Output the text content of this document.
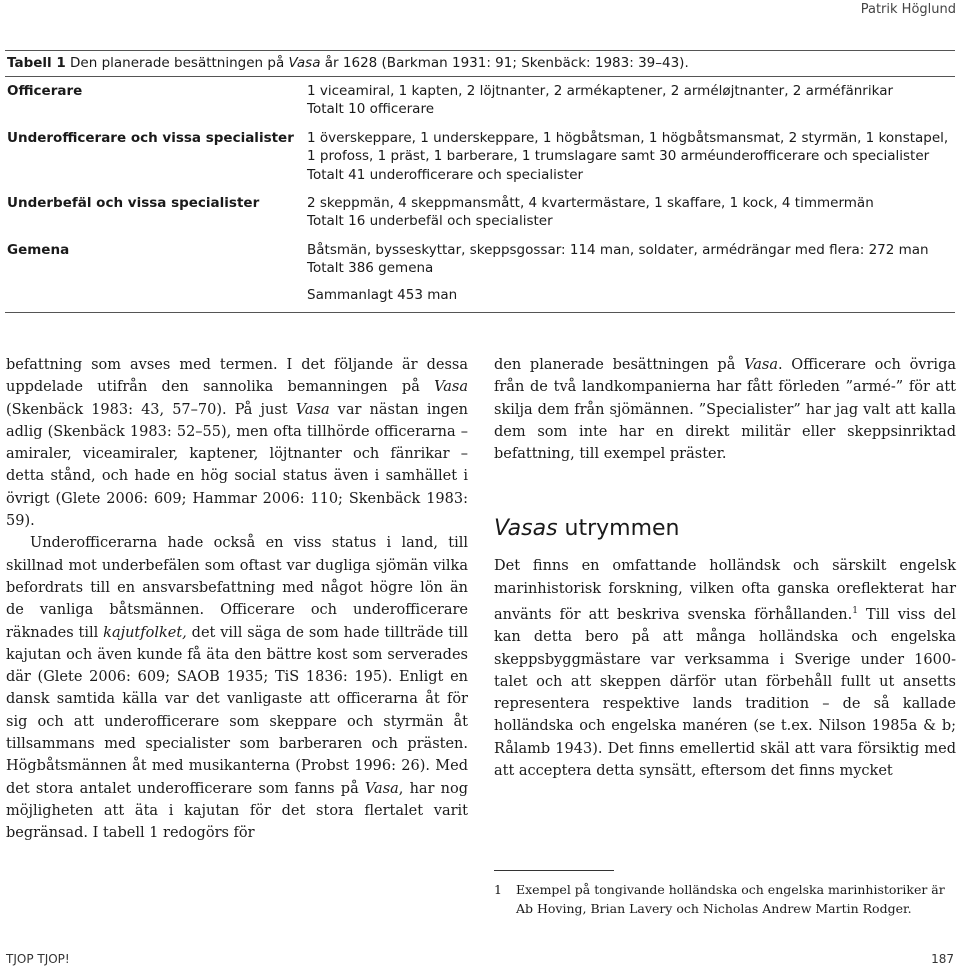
Patrik Höglund
Tabell 1 Den planerade besättningen på Vasa år 1628 (Barkman 1931: 91; Skenbäck: 1983: 39–43).
Officerare	1 viceamiral, 1 kapten, 2 löjtnanter, 2 armékaptener, 2 arméløjtnanter, 2 arméfänrikar
Totalt 10 officerare
Underofficerare och vissa specialister 1 överskeppare, 1 underskeppare, 1 högbåtsman, 1 högbåtsmansmat, 2 styrmän, 1 konstapel,
1 profoss, 1 präst, 1 barberare, 1 trumslagare samt 30 arméunderofficerare och specialister
Totalt 41 underofficerare och specialister
Underbefäl och vissa specialister	2 skeppmän, 4 skeppmansmått, 4 kvartermästare, 1 skaffare, 1 kock, 4 timmermän
Totalt 16 underbefäl och specialister
Gemena	Båtsmän, bysseskyttar, skeppsgossar: 114 man, soldater, armédrängar med flera: 272 man
Totalt 386 gemena
Sammanlagt 453 man

befattning som avses med termen. I det följande är dessa uppdelade utifrån den sannolika bemanningen på Vasa (Skenbäck 1983: 43, 57–70). På just Vasa var nästan ingen adlig (Skenbäck 1983: 52–55), men ofta tillhörde officerarna – amiraler, viceamiraler, kaptener, löjtnanter och fänrikar – detta stånd, och hade en hög social status även i samhället i övrigt (Glete 2006: 609; Hammar 2006: 110; Skenbäck 1983: 59).

Underofficerarna hade också en viss status i land, till skillnad mot underbefälen som oftast var dugliga sjömän vilka befordrats till en ansvarsbefattning med något högre lön än de vanliga båtsmännen. Officerare och underofficerare räknades till kajutfolket, det vill säga de som hade tillträde till kajutan och även kunde få äta den bättre kost som serverades där (Glete 2006: 609; SAOB 1935; TiS 1836: 195). Enligt en dansk samtida källa var det vanligaste att officerarna åt för sig och att underofficerare som skeppare och styrmän åt tillsammans med specialister som barberaren och prästen. Högbåtsmännen åt med musikanterna (Probst 1996: 26). Med det stora antalet underofficerare som fanns på Vasa, har nog möjligheten att äta i kajutan för det stora flertalet varit begränsad. I tabell 1 redogörs för

den planerade besättningen på Vasa. Officerare och övriga från de två landkompanierna har fått förleden ”armé-” för att skilja dem från sjömännen. ”Specialister” har jag valt att kalla dem som inte har en direkt militär eller skeppsinriktad befattning, till exempel präster.

Vasas utrymmen

Det finns en omfattande holländsk och särskilt engelsk marinhistorisk forskning, vilken ofta ganska oreflekterat har använts för att beskriva svenska förhållanden.$^1$ Till viss del kan detta bero på att många holländska och engelska skeppsbyggmästare var verksamma i Sverige under 1600-talet och att skeppen därför utan förbehåll fullt ut ansetts representera respektive lands tradition – de så kallade holländska och engelska manéren (se t.ex. Nilson 1985a & b; Rålamb 1943). Det finns emellertid skäl att vara försiktig med att acceptera detta synsätt, eftersom det finns mycket

1	Exempel på tongivande holländska och engelska marinhistoriker är Ab Hoving, Brian Lavery och Nicholas Andrew Martin Rodger.
TJOP TJOP!	187
